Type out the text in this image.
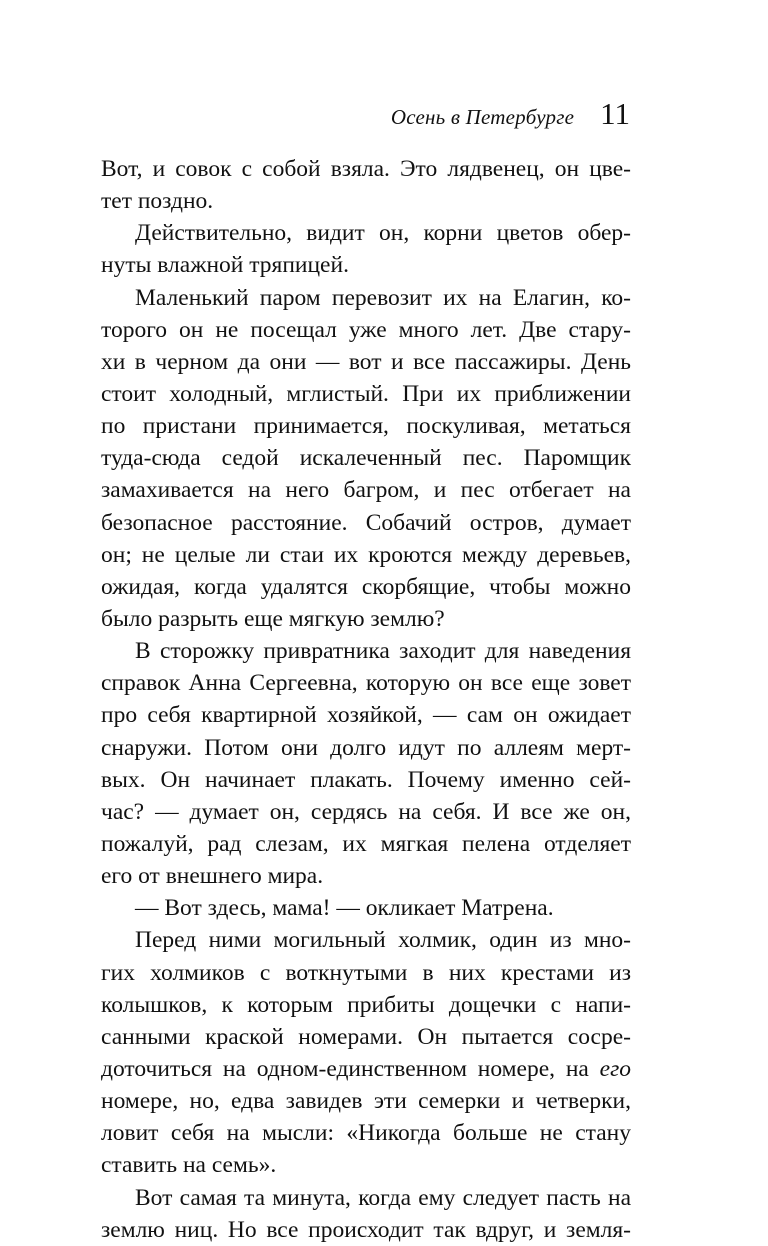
Осень в Петербурге 11
Вот, и совок с собой взяла. Это лядвенец, он цве-
тет поздно.
Действительно, видит он, корни цветов обер-
нуты влажной тряпицей.
Маленький паром перевозит их на Елагин, ко-
торого он не посещал уже много лет. Две стару-
хи в черном да они — вот и все пассажиры. День
стоит холодный, мглистый. При их приближении
по пристани принимается, поскуливая, метаться
туда-сюда седой искалеченный пес. Паромщик
замахивается на него багром, и пес отбегает на
безопасное расстояние. Собачий остров, думает
он; не целые ли стаи их кроются между деревьев,
ожидая, когда удалятся скорбящие, чтобы можно
было разрыть еще мягкую землю?
В сторожку привратника заходит для наведения
справок Анна Сергеевна, которую он все еще зовет
про себя квартирной хозяйкой, — сам он ожидает
снаружи. Потом они долго идут по аллеям мерт-
вых. Он начинает плакать. Почему именно сей-
час? — думает он, сердясь на себя. И все же он,
пожалуй, рад слезам, их мягкая пелена отделяет
его от внешнего мира.
— Вот здесь, мама! — окликает Матрена.
Перед ними могильный холмик, один из мно-
гих холмиков с воткнутыми в них крестами из
колышков, к которым прибиты дощечки с напи-
санными краской номерами. Он пытается сосре-
доточиться на одном-единственном номере, на его
номере, но, едва завидев эти семерки и четверки,
ловит себя на мысли: «Никогда больше не стану
ставить на семь».
Вот самая та минута, когда ему следует пасть на
землю ниц. Но все происходит так вдруг, и земля-
